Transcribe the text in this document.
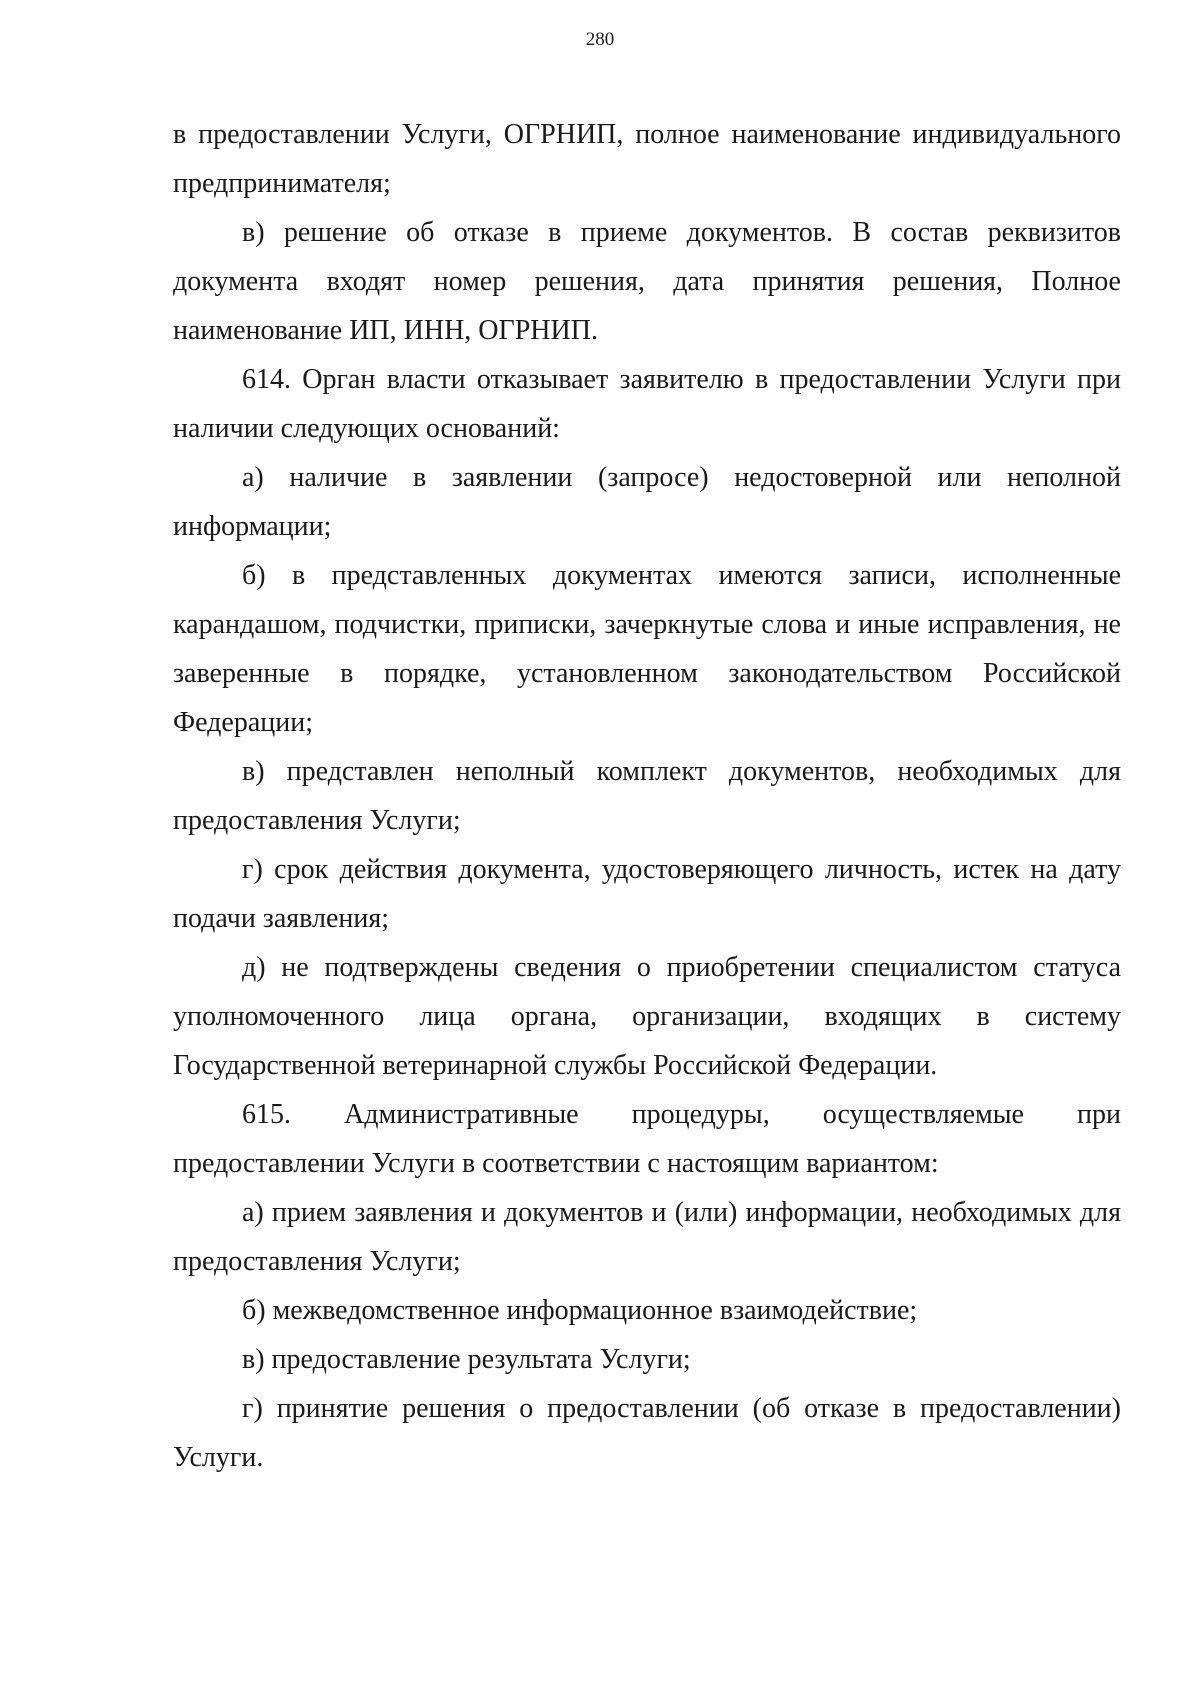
280

в предоставлении Услуги, ОГРНИП, полное наименование индивидуального предпринимателя;

в) решение об отказе в приеме документов. В состав реквизитов документа входят номер решения, дата принятия решения, Полное наименование ИП, ИНН, ОГРНИП.

614. Орган власти отказывает заявителю в предоставлении Услуги при наличии следующих оснований:

а) наличие в заявлении (запросе) недостоверной или неполной информации;

б) в представленных документах имеются записи, исполненные карандашом, подчистки, приписки, зачеркнутые слова и иные исправления, не заверенные в порядке, установленном законодательством Российской Федерации;

в) представлен неполный комплект документов, необходимых для предоставления Услуги;

г) срок действия документа, удостоверяющего личность, истек на дату подачи заявления;

д) не подтверждены сведения о приобретении специалистом статуса уполномоченного лица органа, организации, входящих в систему Государственной ветеринарной службы Российской Федерации.

615. Административные процедуры, осуществляемые при предоставлении Услуги в соответствии с настоящим вариантом:

а) прием заявления и документов и (или) информации, необходимых для предоставления Услуги;

б) межведомственное информационное взаимодействие;

в) предоставление результата Услуги;

г) принятие решения о предоставлении (об отказе в предоставлении) Услуги.
